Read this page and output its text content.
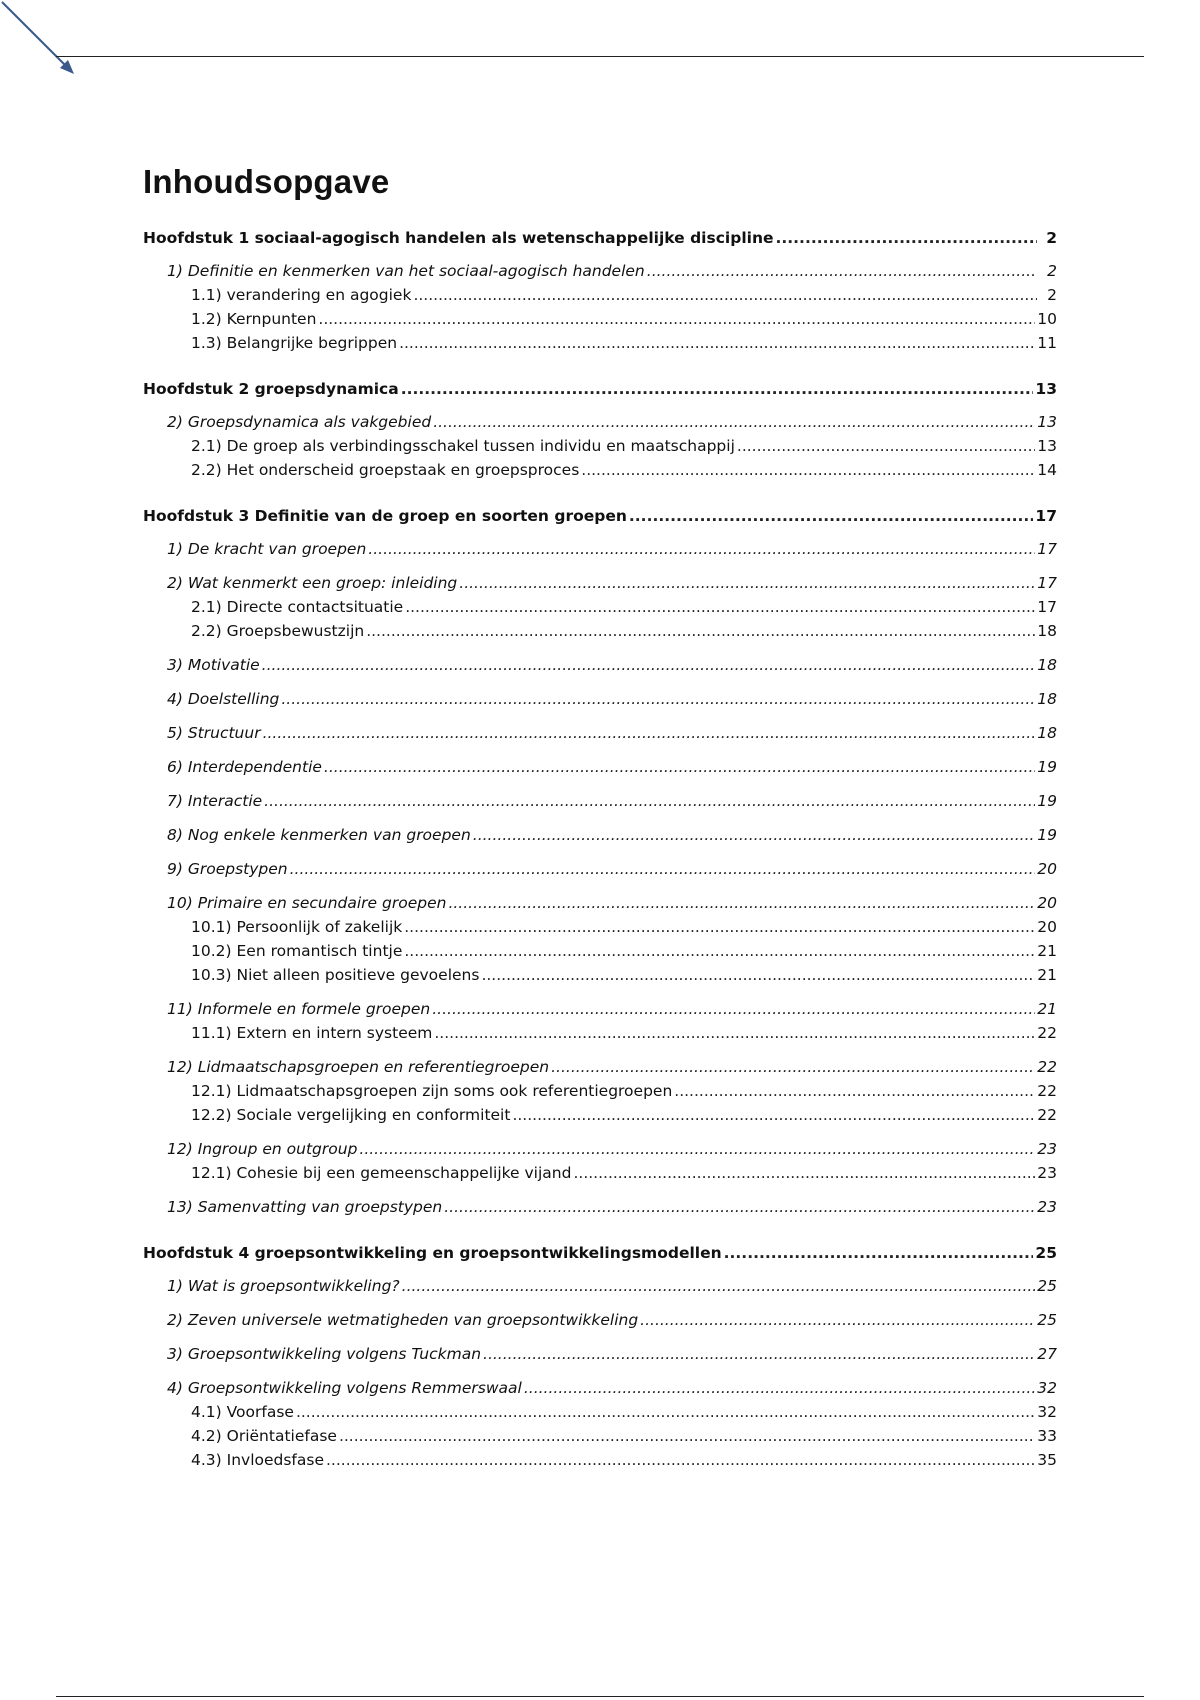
Inhoudsopgave
Hoofdstuk 1 sociaal-agogisch handelen als wetenschappelijke discipline .....	2
1) Definitie en kenmerken van het sociaal-agogisch handelen .....	2
1.1) verandering en agogiek .....	2
1.2) Kernpunten .....	10
1.3) Belangrijke begrippen .....	11
Hoofdstuk 2 groepsdynamica .....	13
2) Groepsdynamica als vakgebied .....	13
2.1) De groep als verbindingsschakel tussen individu en maatschappij .....	13
2.2) Het onderscheid groepstaak en groepsproces .....	14
Hoofdstuk 3 Definitie van de groep en soorten groepen .....	17
1) De kracht van groepen .....	17
2) Wat kenmerkt een groep: inleiding .....	17
2.1) Directe contactsituatie .....	17
2.2) Groepsbewustzijn .....	18
3) Motivatie .....	18
4) Doelstelling .....	18
5) Structuur .....	18
6) Interdependentie .....	19
7) Interactie .....	19
8) Nog enkele kenmerken van groepen .....	19
9) Groepstypen .....	20
10) Primaire en secundaire groepen .....	20
10.1) Persoonlijk of zakelijk .....	20
10.2) Een romantisch tintje .....	21
10.3) Niet alleen positieve gevoelens .....	21
11) Informele en formele groepen .....	21
11.1) Extern en intern systeem .....	22
12) Lidmaatschapsgroepen en referentiegroepen .....	22
12.1) Lidmaatschapsgroepen zijn soms ook referentiegroepen .....	22
12.2) Sociale vergelijking en conformiteit .....	22
12) Ingroup en outgroup .....	23
12.1) Cohesie bij een gemeenschappelijke vijand .....	23
13) Samenvatting van groepstypen .....	23
Hoofdstuk 4 groepsontwikkeling en groepsontwikkelingsmodellen .....	25
1) Wat is groepsontwikkeling? .....	25
2) Zeven universele wetmatigheden van groepsontwikkeling .....	25
3) Groepsontwikkeling volgens Tuckman .....	27
4) Groepsontwikkeling volgens Remmerswaal .....	32
4.1) Voorfase .....	32
4.2) Oriëntatiefase .....	33
4.3) Invloedsfase .....	35
